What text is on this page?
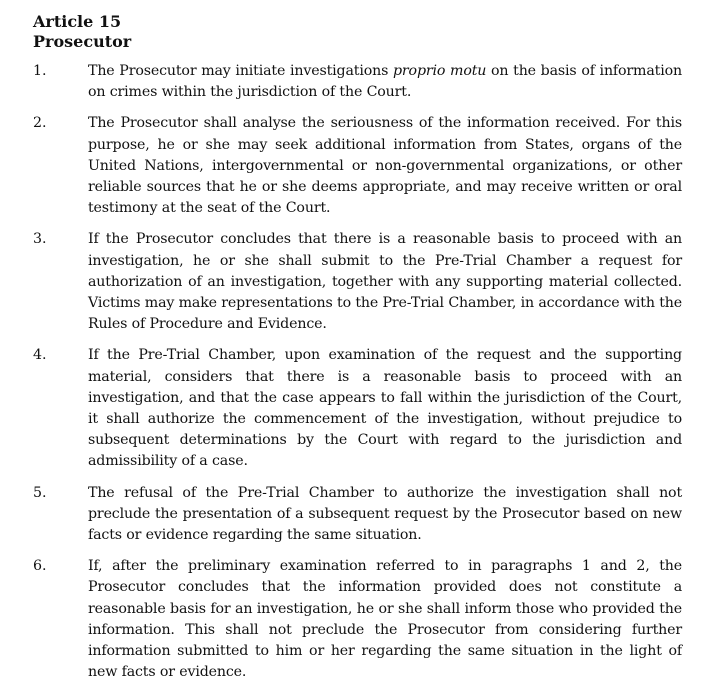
Article 15
Prosecutor
1.	The Prosecutor may initiate investigations proprio motu on the basis of information on crimes within the jurisdiction of the Court.
2.	The Prosecutor shall analyse the seriousness of the information received. For this purpose, he or she may seek additional information from States, organs of the United Nations, intergovernmental or non-governmental organizations, or other reliable sources that he or she deems appropriate, and may receive written or oral testimony at the seat of the Court.
3.	If the Prosecutor concludes that there is a reasonable basis to proceed with an investigation, he or she shall submit to the Pre-Trial Chamber a request for authorization of an investigation, together with any supporting material collected. Victims may make representations to the Pre-Trial Chamber, in accordance with the Rules of Procedure and Evidence.
4.	If the Pre-Trial Chamber, upon examination of the request and the supporting material, considers that there is a reasonable basis to proceed with an investigation, and that the case appears to fall within the jurisdiction of the Court, it shall authorize the commencement of the investigation, without prejudice to subsequent determinations by the Court with regard to the jurisdiction and admissibility of a case.
5.	The refusal of the Pre-Trial Chamber to authorize the investigation shall not preclude the presentation of a subsequent request by the Prosecutor based on new facts or evidence regarding the same situation.
6.	If, after the preliminary examination referred to in paragraphs 1 and 2, the Prosecutor concludes that the information provided does not constitute a reasonable basis for an investigation, he or she shall inform those who provided the information. This shall not preclude the Prosecutor from considering further information submitted to him or her regarding the same situation in the light of new facts or evidence.
